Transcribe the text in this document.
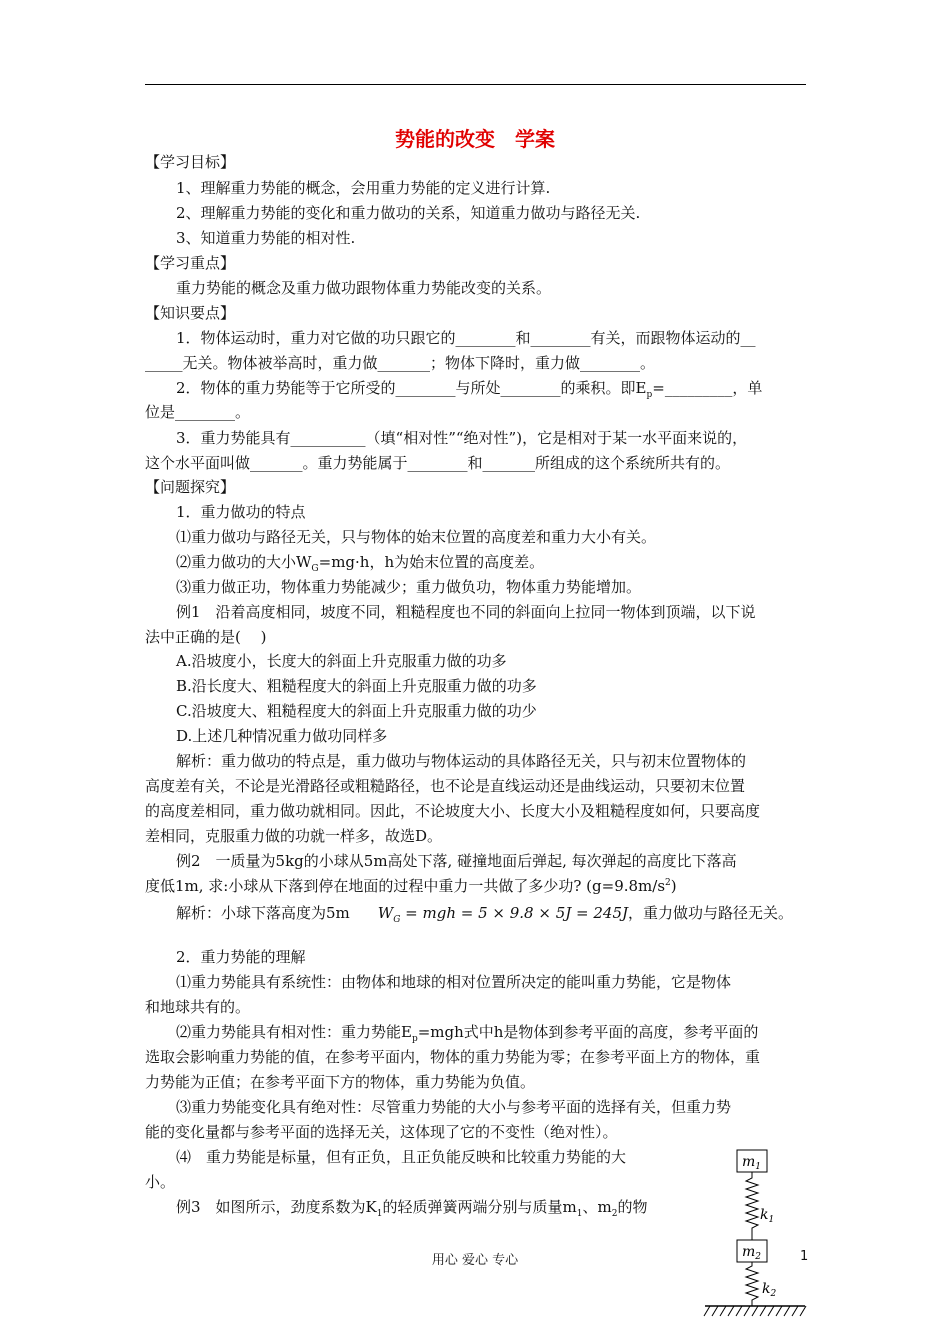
势能的改变　学案
【学习目标】
1、理解重力势能的概念，会用重力势能的定义进行计算.
2、理解重力势能的变化和重力做功的关系，知道重力做功与路径无关.
3、知道重力势能的相对性.
【学习重点】
重力势能的概念及重力做功跟物体重力势能改变的关系。
【知识要点】
1．物体运动时，重力对它做的功只跟它的________和________有关，而跟物体运动的__
_____无关。物体被举高时，重力做_______；物体下降时，重力做________。
2．物体的重力势能等于它所受的________与所处________的乘积。即$E_p=\_\_\_\_\_\_\_\_\_$，单
位是________。
3．重力势能具有__________（填“相对性”“绝对性”)，它是相对于某一水平面来说的，
这个水平面叫做_______。重力势能属于________和_______所组成的这个系统所共有的。
【问题探究】
1．重力做功的特点
⑴重力做功与路径无关，只与物体的始末位置的高度差和重力大小有关。
⑵重力做功的大小$W_G=mg\cdot h$，h为始末位置的高度差。
⑶重力做正功，物体重力势能减少；重力做负功，物体重力势能增加。
例1　沿着高度相同，坡度不同，粗糙程度也不同的斜面向上拉同一物体到顶端，以下说
法中正确的是(　 )
A.沿坡度小，长度大的斜面上升克服重力做的功多
B.沿长度大、粗糙程度大的斜面上升克服重力做的功多
C.沿坡度大、粗糙程度大的斜面上升克服重力做的功少
D.上述几种情况重力做功同样多
解析：重力做功的特点是，重力做功与物体运动的具体路径无关，只与初末位置物体的
高度差有关，不论是光滑路径或粗糙路径，也不论是直线运动还是曲线运动，只要初末位置
的高度差相同，重力做功就相同。因此，不论坡度大小、长度大小及粗糙程度如何，只要高度
差相同，克服重力做的功就一样多，故选D。
例2　一质量为5kg的小球从5m高处下落, 碰撞地面后弹起, 每次弹起的高度比下落高
度低1m, 求:小球从下落到停在地面的过程中重力一共做了多少功? $(g=9.8m/s^2)$
解析：小球下落高度为5m $W_G$ = mgh = 5 × 9.8 × 5J = 245J，重力做功与路径无关。
2．重力势能的理解
⑴重力势能具有系统性：由物体和地球的相对位置所决定的能叫重力势能，它是物体
和地球共有的。
⑵重力势能具有相对性：重力势能$E_p=mgh$式中h是物体到参考平面的高度，参考平面的
选取会影响重力势能的值，在参考平面内，物体的重力势能为零；在参考平面上方的物体，重
力势能为正值；在参考平面下方的物体，重力势能为负值。
⑶重力势能变化具有绝对性：尽管重力势能的大小与参考平面的选择有关，但重力势
能的变化量都与参考平面的选择无关，这体现了它的不变性（绝对性）。
⑷　重力势能是标量，但有正负，且正负能反映和比较重力势能的大
小。
例3　如图所示，劲度系数为$K_1$的轻质弹簧两端分别与质量$m_1$、$m_2$的物
$m_1$
$k_1$
$m_2$
$k_2$
用心 爱心 专心	1
